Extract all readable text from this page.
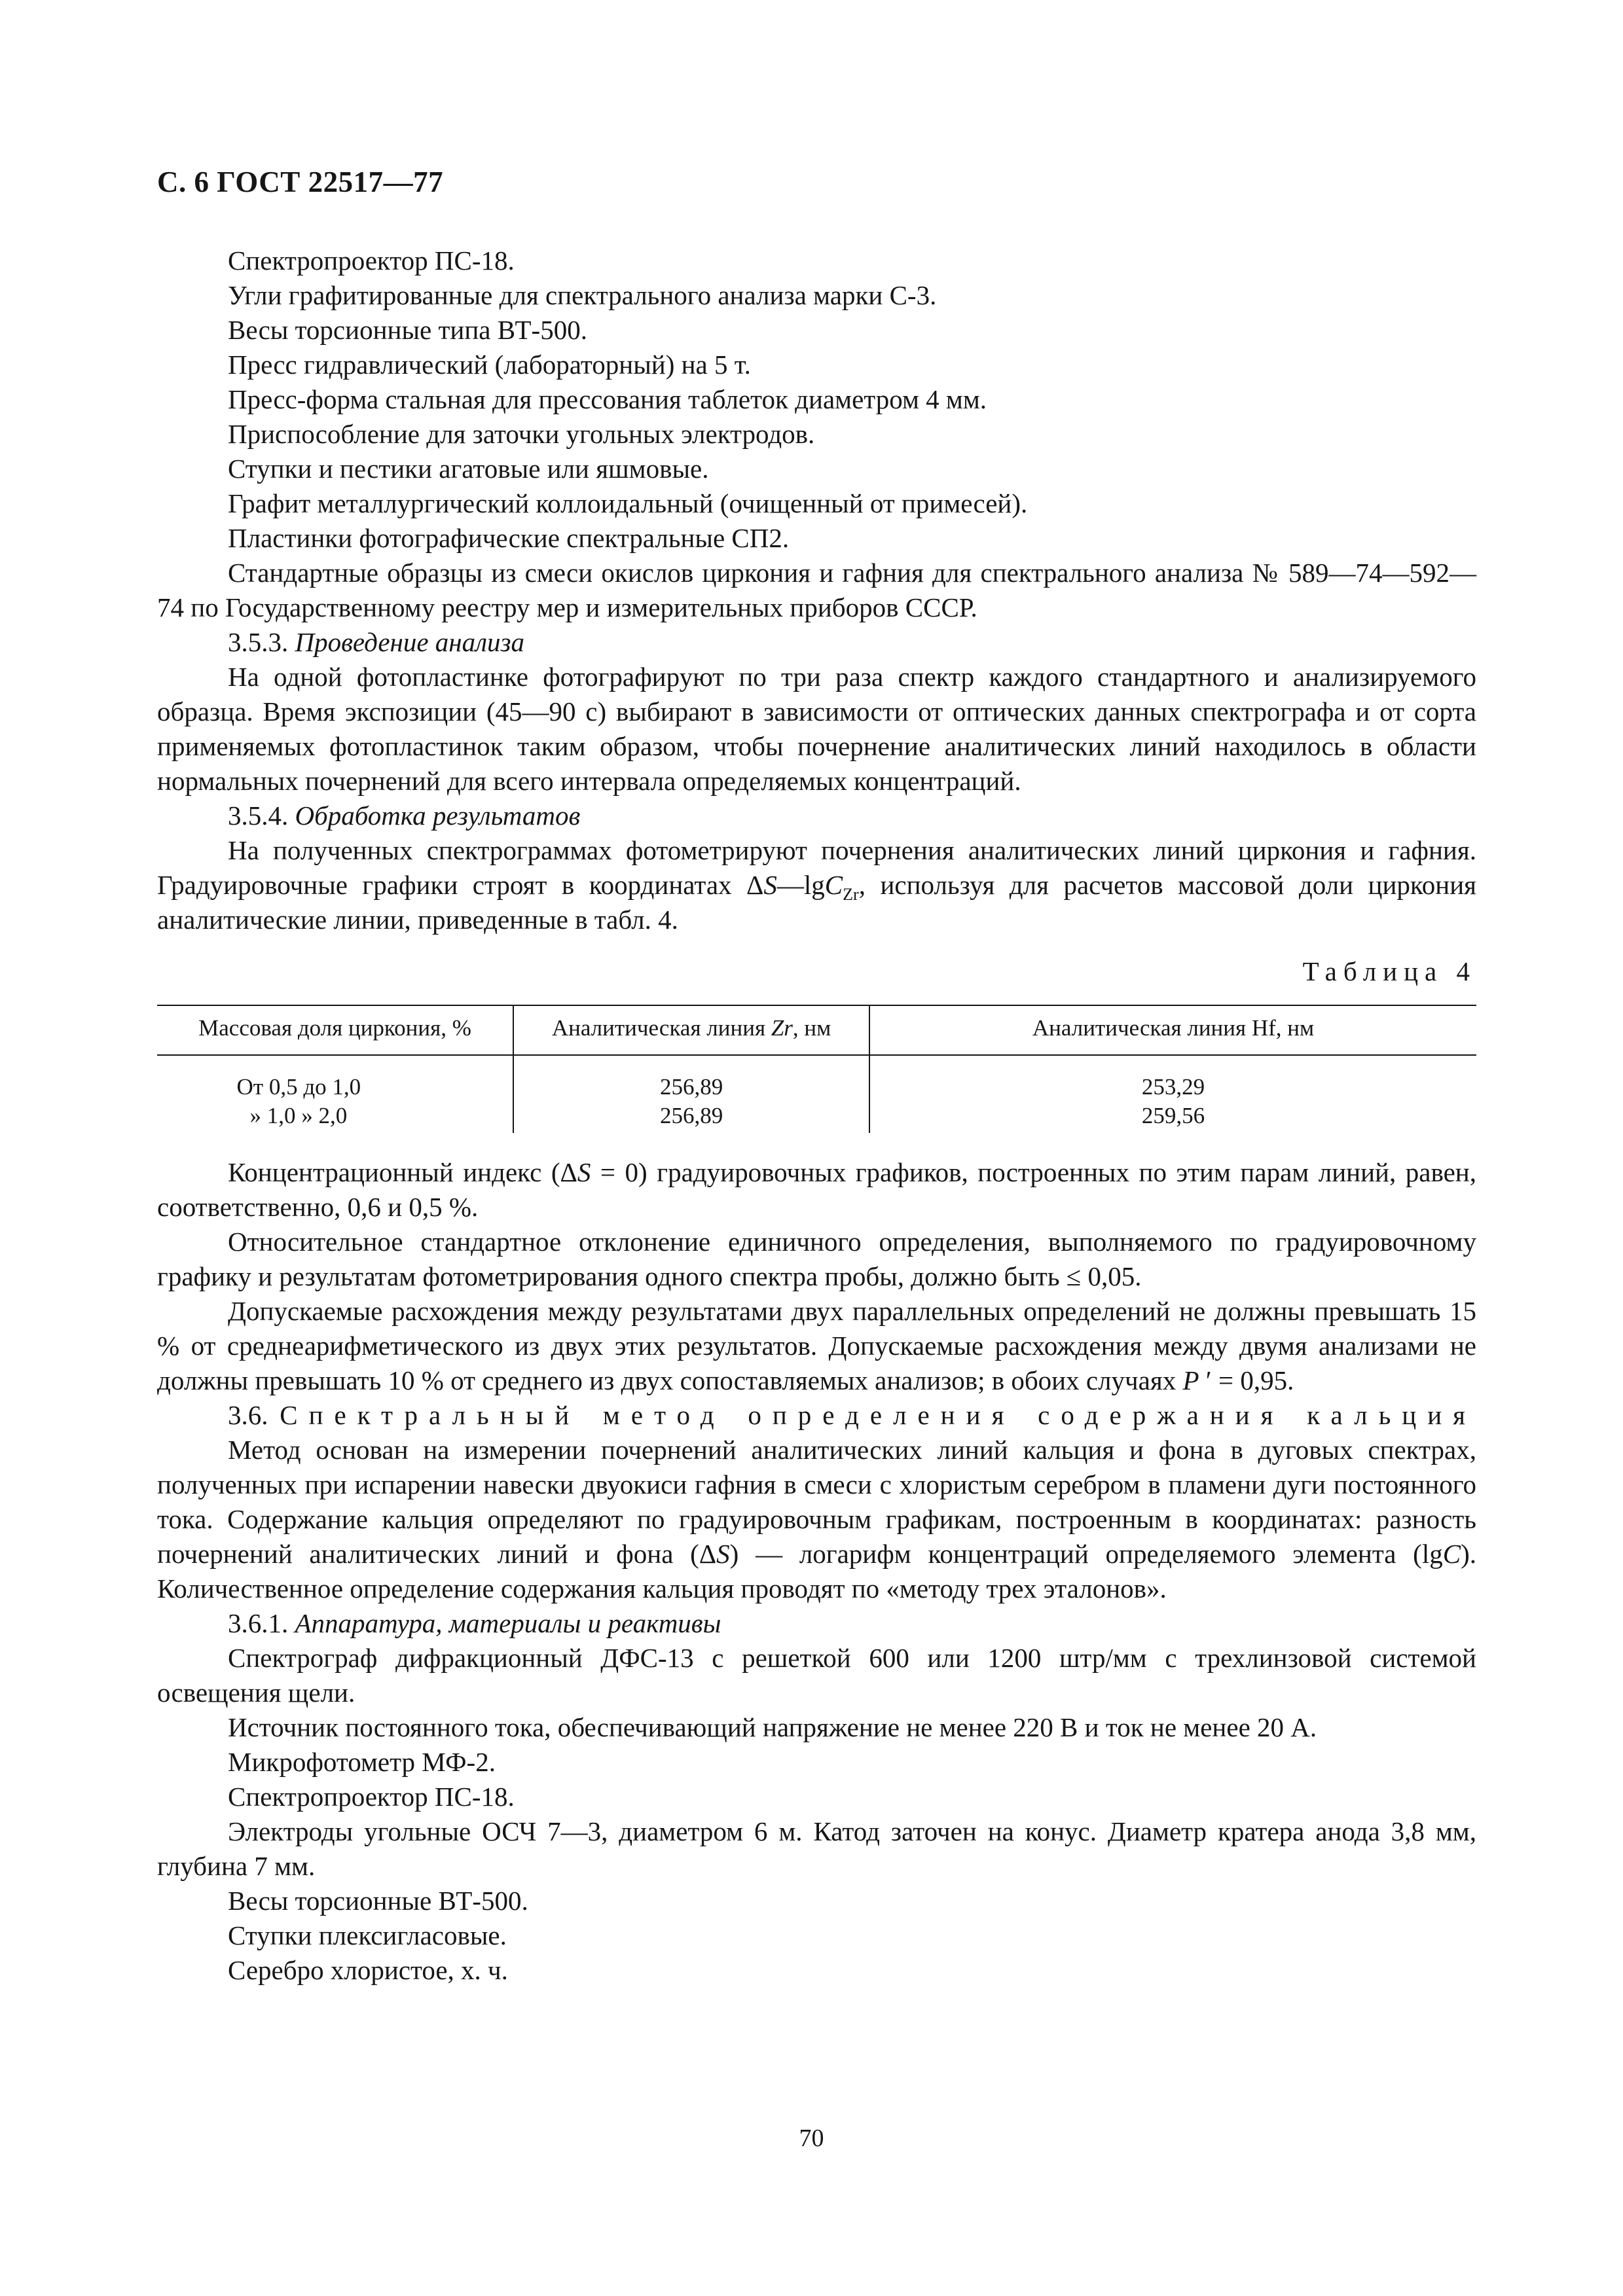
С. 6 ГОСТ 22517—77

Спектропроектор ПС-18.

Угли графитированные для спектрального анализа марки С-3.

Весы торсионные типа ВТ-500.

Пресс гидравлический (лабораторный) на 5 т.

Пресс-форма стальная для прессования таблеток диаметром 4 мм.

Приспособление для заточки угольных электродов.

Ступки и пестики агатовые или яшмовые.

Графит металлургический коллоидальный (очищенный от примесей).

Пластинки фотографические спектральные СП2.

Стандартные образцы из смеси окислов циркония и гафния для спектрального анализа № 589—74—592—74 по Государственному реестру мер и измерительных приборов СССР.

3.5.3. Проведение анализа

На одной фотопластинке фотографируют по три раза спектр каждого стандартного и анализируемого образца. Время экспозиции (45—90 с) выбирают в зависимости от оптических данных спектрографа и от сорта применяемых фотопластинок таким образом, чтобы почернение аналитических линий находилось в области нормальных почернений для всего интервала определяемых концентраций.

3.5.4. Обработка результатов

На полученных спектрограммах фотометрируют почернения аналитических линий циркония и гафния. Градуировочные графики строят в координатах ΔS—lgC$_{Zr}$, используя для расчетов массовой доли циркония аналитические линии, приведенные в табл. 4.

Таблица 4
Массовая доля циркония, %	Аналитическая линия Zr, нм	Аналитическая линия Hf, нм
От 0,5 до 1,0	256,89	253,29
» 1,0 » 2,0	256,89	259,56

Концентрационный индекс (ΔS = 0) градуировочных графиков, построенных по этим парам линий, равен, соответственно, 0,6 и 0,5 %.

Относительное стандартное отклонение единичного определения, выполняемого по градуировочному графику и результатам фотометрирования одного спектра пробы, должно быть ≤ 0,05.

Допускаемые расхождения между результатами двух параллельных определений не должны превышать 15 % от среднеарифметического из двух этих результатов. Допускаемые расхождения между двумя анализами не должны превышать 10 % от среднего из двух сопоставляемых анализов; в обоих случаях P ′ = 0,95.

3.6. Спектральный метод определения содержания кальция

Метод основан на измерении почернений аналитических линий кальция и фона в дуговых спектрах, полученных при испарении навески двуокиси гафния в смеси с хлористым серебром в пламени дуги постоянного тока. Содержание кальция определяют по градуировочным графикам, построенным в координатах: разность почернений аналитических линий и фона (ΔS) — логарифм концентраций определяемого элемента (lgC). Количественное определение содержания кальция проводят по «методу трех эталонов».

3.6.1. Аппаратура, материалы и реактивы

Спектрограф дифракционный ДФС-13 с решеткой 600 или 1200 штр/мм с трехлинзовой системой освещения щели.

Источник постоянного тока, обеспечивающий напряжение не менее 220 В и ток не менее 20 А.

Микрофотометр МФ-2.

Спектропроектор ПС-18.

Электроды угольные ОСЧ 7—3, диаметром 6 м. Катод заточен на конус. Диаметр кратера анода 3,8 мм, глубина 7 мм.

Весы торсионные ВТ-500.

Ступки плексигласовые.

Серебро хлористое, х. ч.

70
